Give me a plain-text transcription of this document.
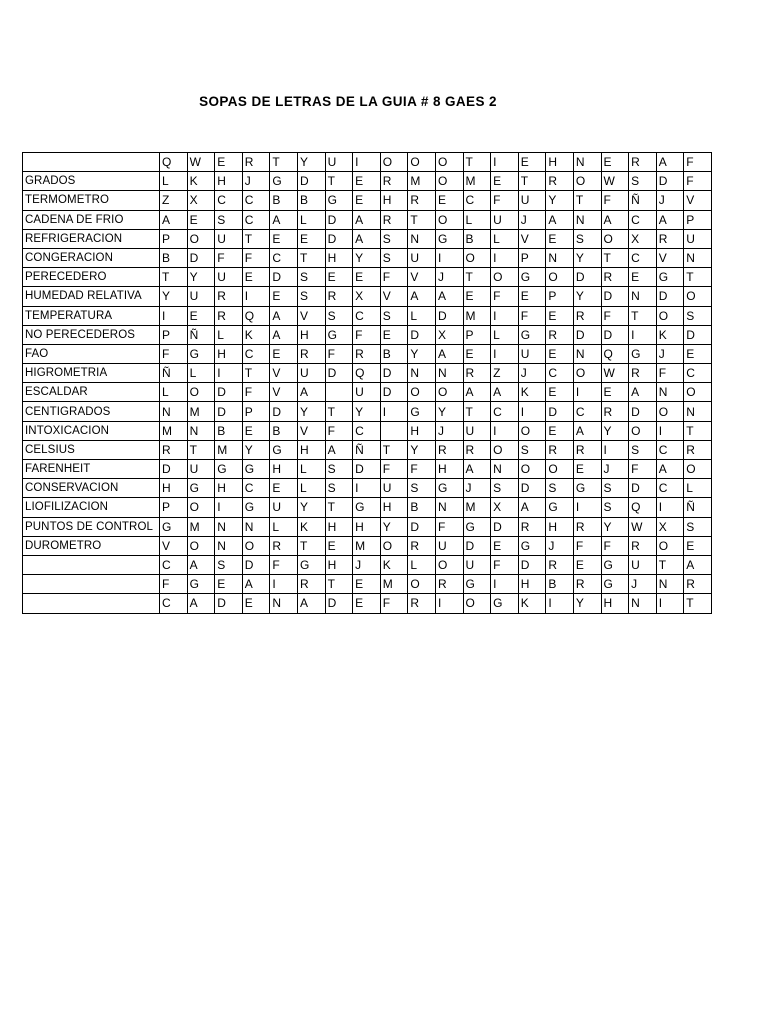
SOPAS DE LETRAS DE LA GUIA # 8 GAES 2
	Q	W	E	R	T	Y	U	I	O	O	O	T	I	E	H	N	E	R	A	F
GRADOS	L	K	H	J	G	D	T	E	R	M	O	M	E	T	R	O	W	S	D	F
TERMOMETRO	Z	X	C	C	B	B	G	E	H	R	E	C	F	U	Y	T	F	Ñ	J	V
CADENA DE FRIO	A	E	S	C	A	L	D	A	R	T	O	L	U	J	A	N	A	C	A	P
REFRIGERACION	P	O	U	T	E	E	D	A	S	N	G	B	L	V	E	S	O	X	R	U
CONGERACION	B	D	F	F	C	T	H	Y	S	U	I	O	I	P	N	Y	T	C	V	N
PERECEDERO	T	Y	U	E	D	S	E	E	F	V	J	T	O	G	O	D	R	E	G	T
HUMEDAD RELATIVA	Y	U	R	I	E	S	R	X	V	A	A	E	F	E	P	Y	D	N	D	O
TEMPERATURA	I	E	R	Q	A	V	S	C	S	L	D	M	I	F	E	R	F	T	O	S
NO PERECEDEROS	P	Ñ	L	K	A	H	G	F	E	D	X	P	L	G	R	D	D	I	K	D
FAO	F	G	H	C	E	R	F	R	B	Y	A	E	I	U	E	N	Q	G	J	E
HIGROMETRIA	Ñ	L	I	T	V	U	D	Q	D	N	N	R	Z	J	C	O	W	R	F	C
ESCALDAR	L	O	D	F	V	A		U	D	O	O	A	A	K	E	I	E	A	N	O
CENTIGRADOS	N	M	D	P	D	Y	T	Y	I	G	Y	T	C	I	D	C	R	D	O	N
INTOXICACION	M	N	B	E	B	V	F	C		H	J	U	I	O	E	A	Y	O	I	T
CELSIUS	R	T	M	Y	G	H	A	Ñ	T	Y	R	R	O	S	R	R	I	S	C	R
FARENHEIT	D	U	G	G	H	L	S	D	F	F	H	A	N	O	O	E	J	F	A	O
CONSERVACION	H	G	H	C	E	L	S	I	U	S	G	J	S	D	S	G	S	D	C	L
LIOFILIZACION	P	O	I	G	U	Y	T	G	H	B	N	M	X	A	G	I	S	Q	I	Ñ
PUNTOS DE CONTROL	G	M	N	N	L	K	H	H	Y	D	F	G	D	R	H	R	Y	W	X	S
DUROMETRO	V	O	N	O	R	T	E	M	O	R	U	D	E	G	J	F	F	R	O	E
	C	A	S	D	F	G	H	J	K	L	O	U	F	D	R	E	G	U	T	A
	F	G	E	A	I	R	T	E	M	O	R	G	I	H	B	R	G	J	N	R
	C	A	D	E	N	A	D	E	F	R	I	O	G	K	I	Y	H	N	I	T
